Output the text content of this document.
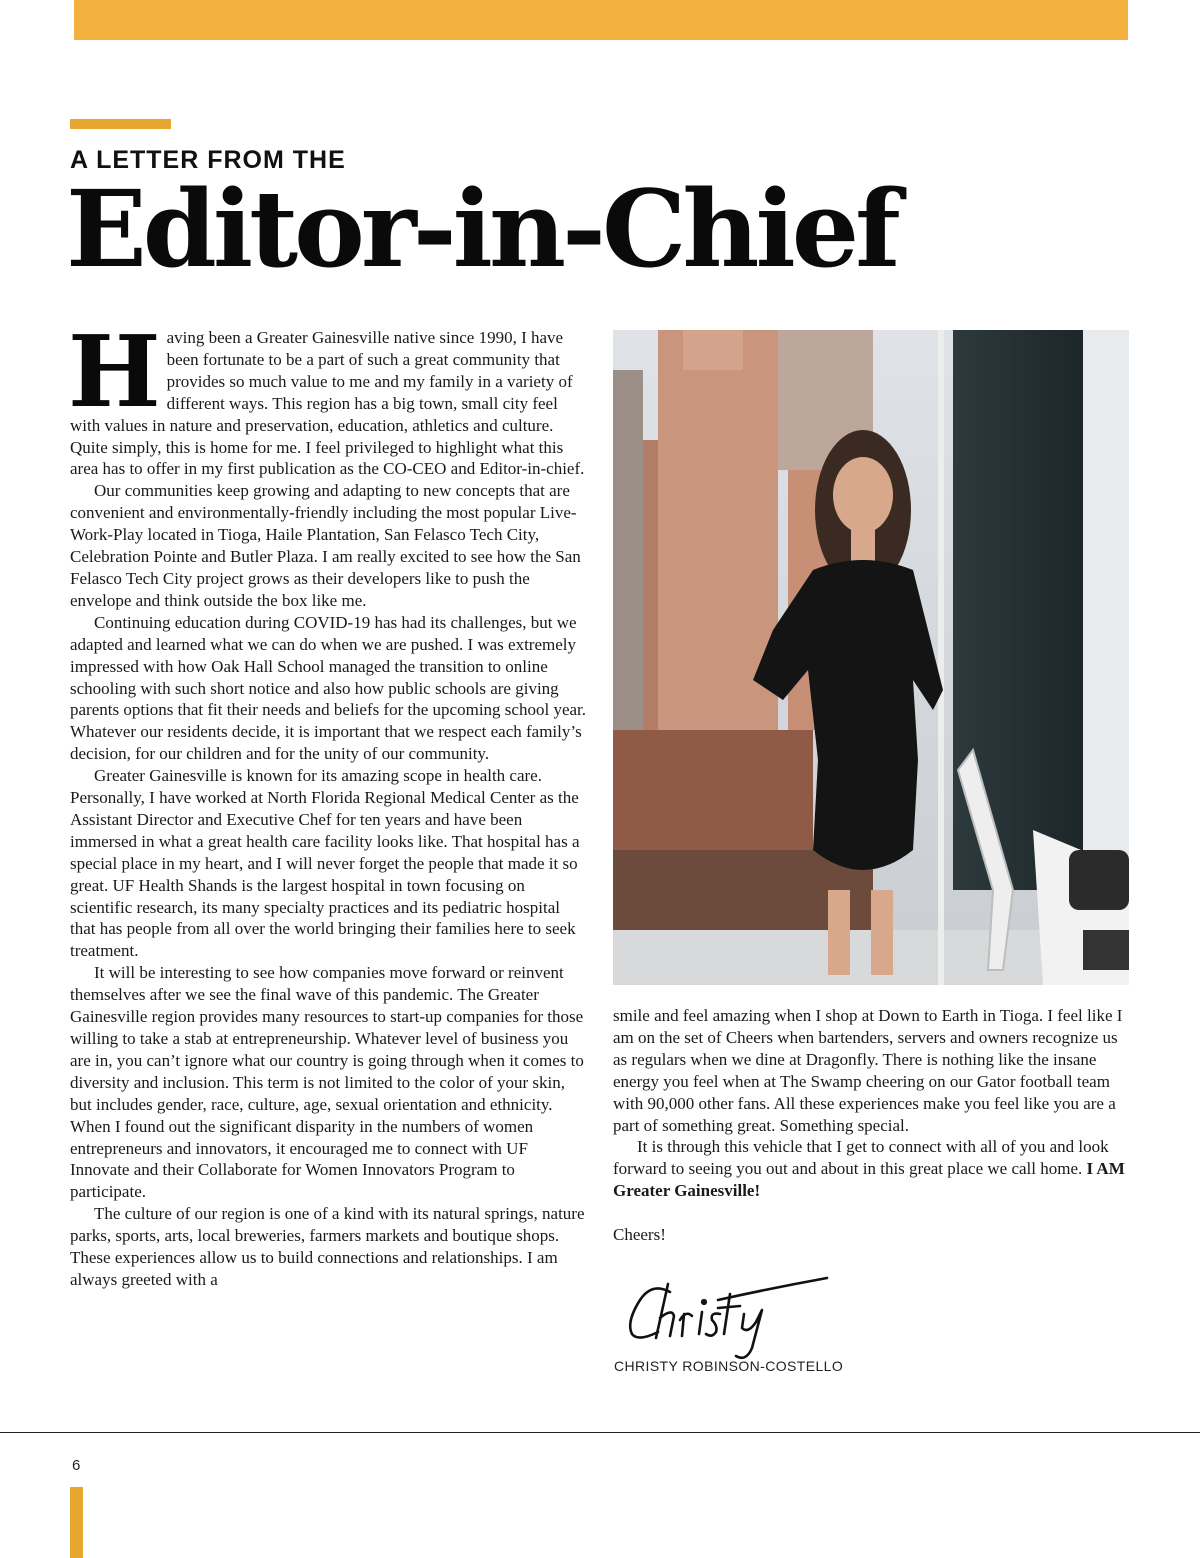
A LETTER FROM THE
Editor-in-Chief

Having been a Greater Gainesville native since 1990, I have been fortunate to be a part of such a great community that provides so much value to me and my family in a variety of different ways. This region has a big town, small city feel with values in nature and preservation, education, athletics and culture. Quite simply, this is home for me. I feel privileged to highlight what this area has to offer in my first publication as the CO-CEO and Editor-in-chief.

Our communities keep growing and adapting to new concepts that are convenient and environmentally-friendly including the most popular Live-Work-Play located in Tioga, Haile Plantation, San Felasco Tech City, Celebration Pointe and Butler Plaza. I am really excited to see how the San Felasco Tech City project grows as their developers like to push the envelope and think outside the box like me.

Continuing education during COVID-19 has had its challenges, but we adapted and learned what we can do when we are pushed. I was extremely impressed with how Oak Hall School managed the transition to online schooling with such short notice and also how public schools are giving parents options that fit their needs and beliefs for the upcoming school year. Whatever our residents decide, it is important that we respect each family’s decision, for our children and for the unity of our community.

Greater Gainesville is known for its amazing scope in health care. Personally, I have worked at North Florida Regional Medical Center as the Assistant Director and Executive Chef for ten years and have been immersed in what a great health care facility looks like. That hospital has a special place in my heart, and I will never forget the people that made it so great. UF Health Shands is the largest hospital in town focusing on scientific research, its many specialty practices and its pediatric hospital that has people from all over the world bringing their families here to seek treatment.

It will be interesting to see how companies move forward or reinvent themselves after we see the final wave of this pandemic. The Greater Gainesville region provides many resources to start-up companies for those willing to take a stab at entrepreneurship. Whatever level of business you are in, you can’t ignore what our country is going through when it comes to diversity and inclusion. This term is not limited to the color of your skin, but includes gender, race, culture, age, sexual orientation and ethnicity. When I found out the significant disparity in the numbers of women entrepreneurs and innovators, it encouraged me to connect with UF Innovate and their Collaborate for Women Innovators Program to participate.

The culture of our region is one of a kind with its natural springs, nature parks, sports, arts, local breweries, farmers markets and boutique shops. These experiences allow us to build connections and relationships. I am always greeted with a

smile and feel amazing when I shop at Down to Earth in Tioga. I feel like I am on the set of Cheers when bartenders, servers and owners recognize us as regulars when we dine at Dragonfly. There is nothing like the insane energy you feel when at The Swamp cheering on our Gator football team with 90,000 other fans. All these experiences make you feel like you are a part of something great. Something special.

It is through this vehicle that I get to connect with all of you and look forward to seeing you out and about in this great place we call home. I AM Greater Gainesville!

Cheers!

CHRISTY ROBINSON-COSTELLO
6
